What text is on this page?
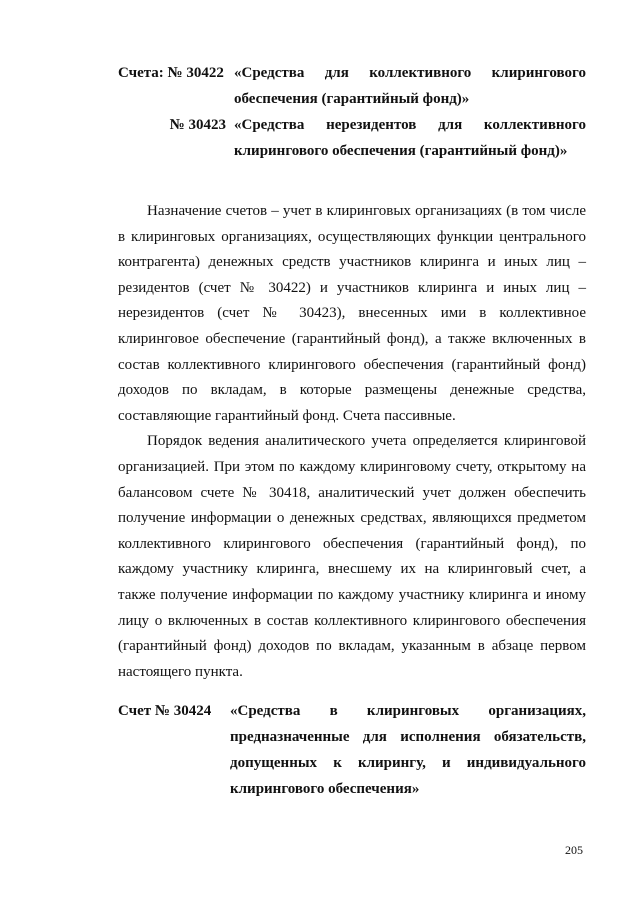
Счета: № 30422 «Средства для коллективного клирингового обеспечения (гарантийный фонд)»
№ 30423 «Средства нерезидентов для коллективного клирингового обеспечения (гарантийный фонд)»

Назначение счетов – учет в клиринговых организациях (в том числе в клиринговых организациях, осуществляющих функции центрального контрагента) денежных средств участников клиринга и иных лиц – резидентов (счет № 30422) и участников клиринга и иных лиц – нерезидентов (счет № 30423), внесенных ими в коллективное клиринговое обеспечение (гарантийный фонд), а также включенных в состав коллективного клирингового обеспечения (гарантийный фонд) доходов по вкладам, в которые размещены денежные средства, составляющие гарантийный фонд. Счета пассивные.

Порядок ведения аналитического учета определяется клиринговой организацией. При этом по каждому клиринговому счету, открытому на балансовом счете № 30418, аналитический учет должен обеспечить получение информации о денежных средствах, являющихся предметом коллективного клирингового обеспечения (гарантийный фонд), по каждому участнику клиринга, внесшему их на клиринговый счет, а также получение информации по каждому участнику клиринга и иному лицу о включенных в состав коллективного клирингового обеспечения (гарантийный фонд) доходов по вкладам, указанным в абзаце первом настоящего пункта.

Счет № 30424	«Средства в клиринговых организациях, предназначенные для исполнения обязательств, допущенных к клирингу, и индивидуального клирингового обеспечения»
205
